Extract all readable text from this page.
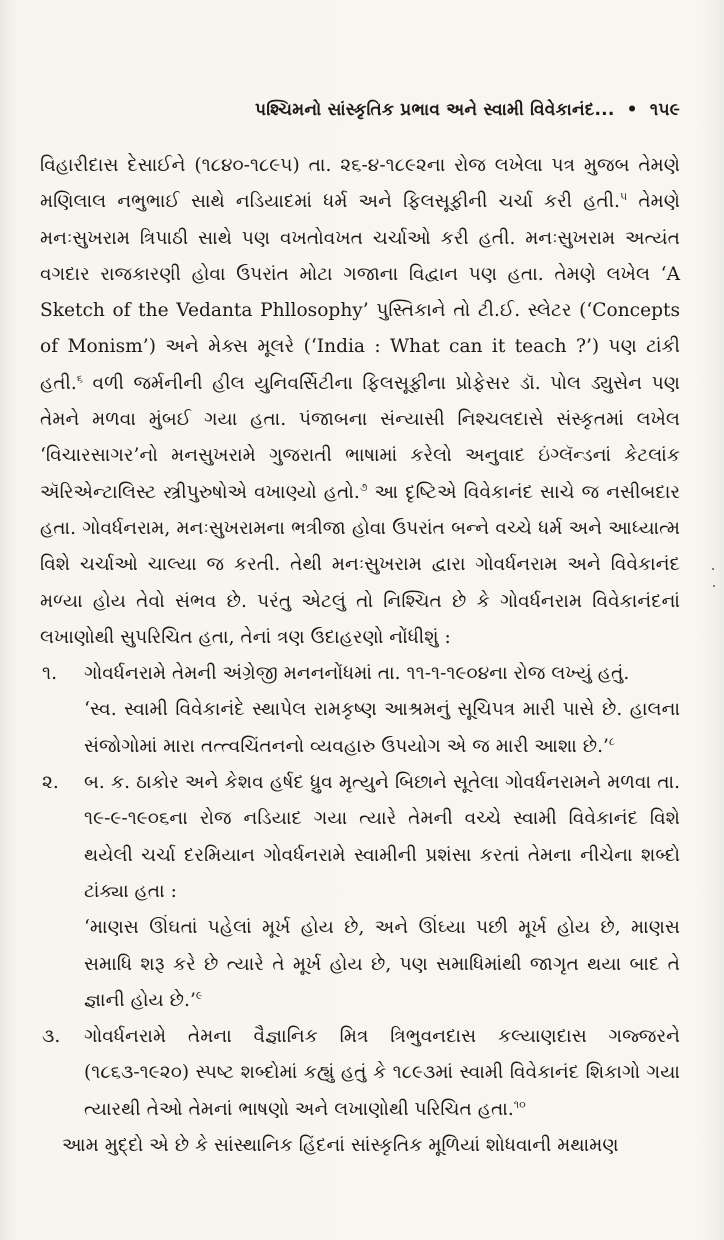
પશ્ચિમનો સાંસ્કૃતિક પ્રભાવ અને સ્વામી વિવેકાનંદ... • ૧૫૯

વિહારીદાસ દેસાઈને (૧૮૪૦-૧૮૯૫) તા. ૨૬-૪-૧૮૯૨ના રોજ લખેલા પત્ર મુજબ તેમણે મણિલાલ નભુભાઈ સાથે નડિયાદમાં ધર્મ અને ફિલસૂફીની ચર્ચા કરી હતી.$^૫$ તેમણે મનઃસુખરામ ત્રિપાઠી સાથે પણ વખતોવખત ચર્ચાઓ કરી હતી. મનઃસુખરામ અત્યંત વગદાર રાજકારણી હોવા ઉપરાંત મોટા ગજાના વિદ્વાન પણ હતા. તેમણે લખેલ ‘A Sketch of the Vedanta Phllosophy’ પુસ્તિકાને તો ટી.ઈ. સ્લેટર (‘Concepts of Monism’) અને મેક્સ મૂલરે (‘India : What can it teach ?’) પણ ટાંકી હતી.$^૬$ વળી જર્મનીની હીલ યુનિવર્સિટીના ફિલસૂફીના પ્રોફેસર ડૉ. પોલ ડ્યુસેન પણ તેમને મળવા મુંબઈ ગયા હતા. પંજાબના સંન્યાસી નિશ્ચલદાસે સંસ્કૃતમાં લખેલ ‘વિચારસાગર’નો મનસુખરામે ગુજરાતી ભાષામાં કરેલો અનુવાદ ઇંગ્લૅન્ડનાં કેટલાંક ઍરિએન્ટાલિસ્ટ સ્ત્રીપુરુષોએ વખાણ્યો હતો.$^૭$ આ દૃષ્ટિએ વિવેકાનંદ સાચે જ નસીબદાર હતા. ગોવર્ધનરામ, મનઃસુખરામના ભત્રીજા હોવા ઉપરાંત બન્ને વચ્ચે ધર્મ અને આધ્યાત્મ વિશે ચર્ચાઓ ચાલ્યા જ કરતી. તેથી મનઃસુખરામ દ્વારા ગોવર્ધનરામ અને વિવેકાનંદ મળ્યા હોય તેવો સંભવ છે. પરંતુ એટલું તો નિશ્ચિત છે કે ગોવર્ધનરામ વિવેકાનંદનાં લખાણોથી સુપરિચિત હતા, તેનાં ત્રણ ઉદાહરણો નોંધીશું :

૧. ગોવર્ધનરામે તેમની અંગ્રેજી મનનનોંધમાં તા. ૧૧-૧-૧૯૦૪ના રોજ લખ્યું હતું.

‘સ્વ. સ્વામી વિવેકાનંદે સ્થાપેલ રામકૃષ્ણ આશ્રમનું સૂચિપત્ર મારી પાસે છે. હાલના સંજોગોમાં મારા તત્ત્વચિંતનનો વ્યવહારુ ઉપયોગ એ જ મારી આશા છે.’$^૮$

૨. બ. ક. ઠાકોર અને કેશવ હર્ષદ ધ્રુવ મૃત્યુને બિછાને સૂતેલા ગોવર્ધનરામને મળવા તા. ૧૯-૯-૧૯૦૬ના રોજ નડિયાદ ગયા ત્યારે તેમની વચ્ચે સ્વામી વિવેકાનંદ વિશે થયેલી ચર્ચા દરમિયાન ગોવર્ધનરામે સ્વામીની પ્રશંસા કરતાં તેમના નીચેના શબ્દો ટાંક્યા હતા :

‘માણસ ઊંઘતાં પહેલાં મૂર્ખ હોય છે, અને ઊંઘ્યા પછી મૂર્ખ હોય છે, માણસ સમાધિ શરૂ કરે છે ત્યારે તે મૂર્ખ હોય છે, પણ સમાધિમાંથી જાગૃત થયા બાદ તે જ્ઞાની હોય છે.’$^૯$

૩. ગોવર્ધનરામે તેમના વૈજ્ઞાનિક મિત્ર ત્રિભુવનદાસ કલ્યાણદાસ ગજ્જરને (૧૮૬૩-૧૯૨૦) સ્પષ્ટ શબ્દોમાં કહ્યું હતું કે ૧૮૯૩માં સ્વામી વિવેકાનંદ શિકાગો ગયા ત્યારથી તેઓ તેમનાં ભાષણો અને લખાણોથી પરિચિત હતા.$^{૧૦}$

આમ મુદ્દો એ છે કે સાંસ્થાનિક હિંદનાં સાંસ્કૃતિક મૂળિયાં શોધવાની મથામણ
